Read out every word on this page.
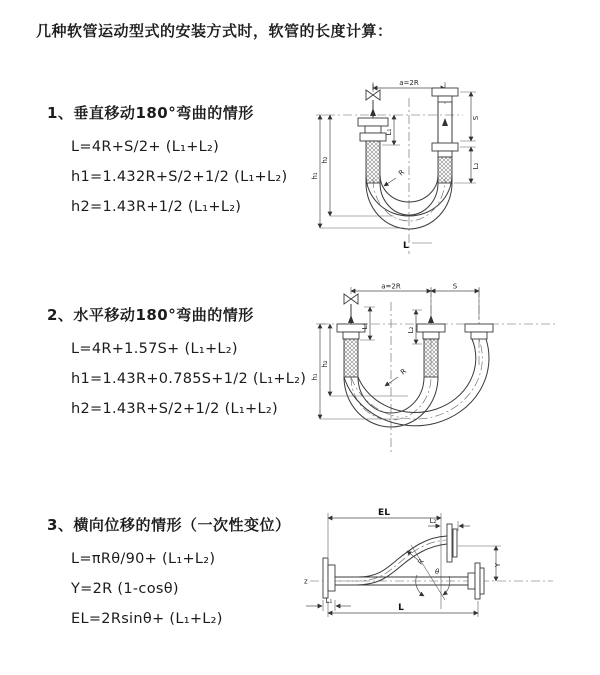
几种软管运动型式的安装方式时，软管的长度计算：
1、垂直移动180°弯曲的情形
L=4R+S/2+ (L₁+L₂)
h1=1.432R+S/2+1/2 (L₁+L₂)
h2=1.43R+1/2 (L₁+L₂)
a=2R
h₁
h₂
L₁
S
L₂
R
L
2、水平移动180°弯曲的情形
L=4R+1.57S+ (L₁+L₂)
h1=1.43R+0.785S+1/2 (L₁+L₂)
h2=1.43R+S/2+1/2 (L₁+L₂)
a=2R	S
h₁
h₂
L₁
L₂
R
3、横向位移的情形（一次性变位）
L=πRθ/90+ (L₁+L₂)
Y=2R (1-cosθ)
EL=2Rsinθ+ (L₁+L₂)
z
θ
EL
L₂
Y
L
L₁
R
